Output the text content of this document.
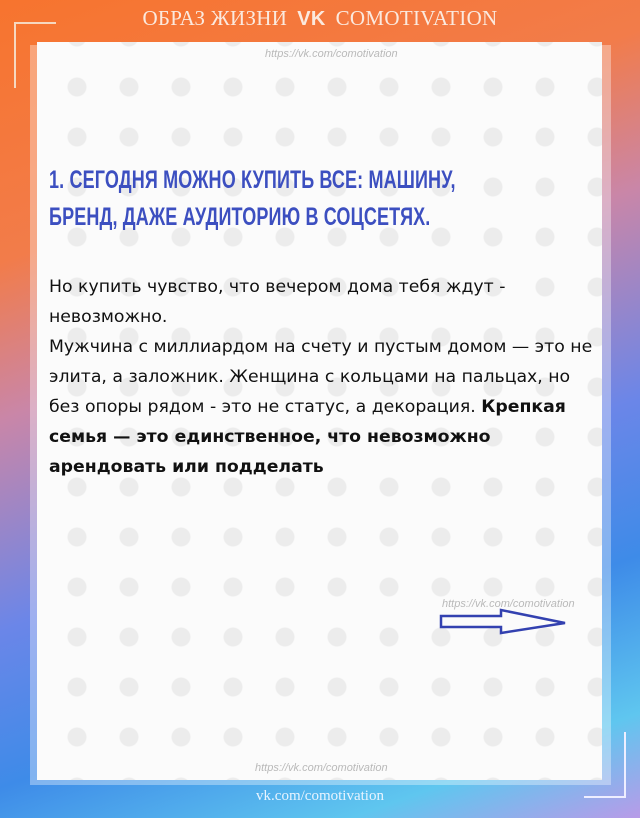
ОБРАЗ ЖИЗНИ VK COMOTIVATION
https://vk.com/comotivation
https://vk.com/comotivation
https://vk.com/comotivation
1. СЕГОДНЯ МОЖНО КУПИТЬ ВСЕ: МАШИНУ, БРЕНД, ДАЖЕ АУДИТОРИЮ В СОЦСЕТЯХ.
Но купить чувство, что вечером дома тебя ждут - невозможно.
Мужчина с миллиардом на счету и пустым домом — это не элита, а заложник. Женщина с кольцами на пальцах, но без опоры рядом - это не статус, а декорация. Крепкая семья — это единственное, что невозможно арендовать или подделать
vk.com/comotivation
